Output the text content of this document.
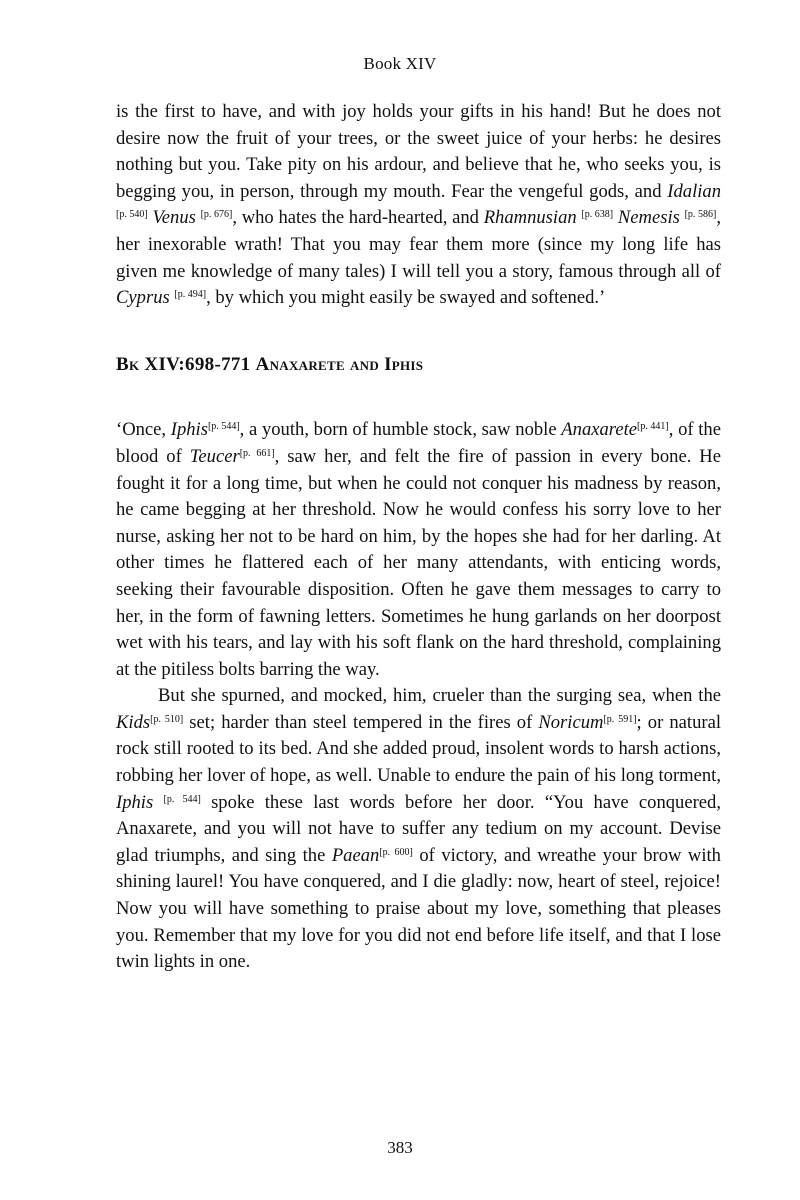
Book XIV

is the first to have, and with joy holds your gifts in his hand! But he does not desire now the fruit of your trees, or the sweet juice of your herbs: he desires nothing but you. Take pity on his ardour, and believe that he, who seeks you, is begging you, in person, through my mouth. Fear the vengeful gods, and Idalian [p. 540] Venus [p. 676], who hates the hard-hearted, and Rhamnusian [p. 638] Nemesis [p. 586], her inexorable wrath! That you may fear them more (since my long life has given me knowledge of many tales) I will tell you a story, famous through all of Cyprus [p. 494], by which you might easily be swayed and softened.’

Bk XIV:698-771 Anaxarete and Iphis

‘Once, Iphis[p. 544], a youth, born of humble stock, saw noble Anaxarete[p. 441], of the blood of Teucer[p. 661], saw her, and felt the fire of passion in every bone. He fought it for a long time, but when he could not conquer his madness by reason, he came begging at her threshold. Now he would confess his sorry love to her nurse, asking her not to be hard on him, by the hopes she had for her darling. At other times he flattered each of her many attendants, with enticing words, seeking their favourable disposition. Often he gave them messages to carry to her, in the form of fawning letters. Sometimes he hung garlands on her doorpost wet with his tears, and lay with his soft flank on the hard threshold, complaining at the pitiless bolts barring the way.

But she spurned, and mocked, him, crueler than the surging sea, when the Kids[p. 510] set; harder than steel tempered in the fires of Noricum[p. 591]; or natural rock still rooted to its bed. And she added proud, insolent words to harsh actions, robbing her lover of hope, as well. Unable to endure the pain of his long torment, Iphis [p. 544] spoke these last words before her door. “You have conquered, Anaxarete, and you will not have to suffer any tedium on my account. Devise glad triumphs, and sing the Paean[p. 600] of victory, and wreathe your brow with shining laurel! You have conquered, and I die gladly: now, heart of steel, rejoice! Now you will have something to praise about my love, something that pleases you. Remember that my love for you did not end before life itself, and that I lose twin lights in one.

383
